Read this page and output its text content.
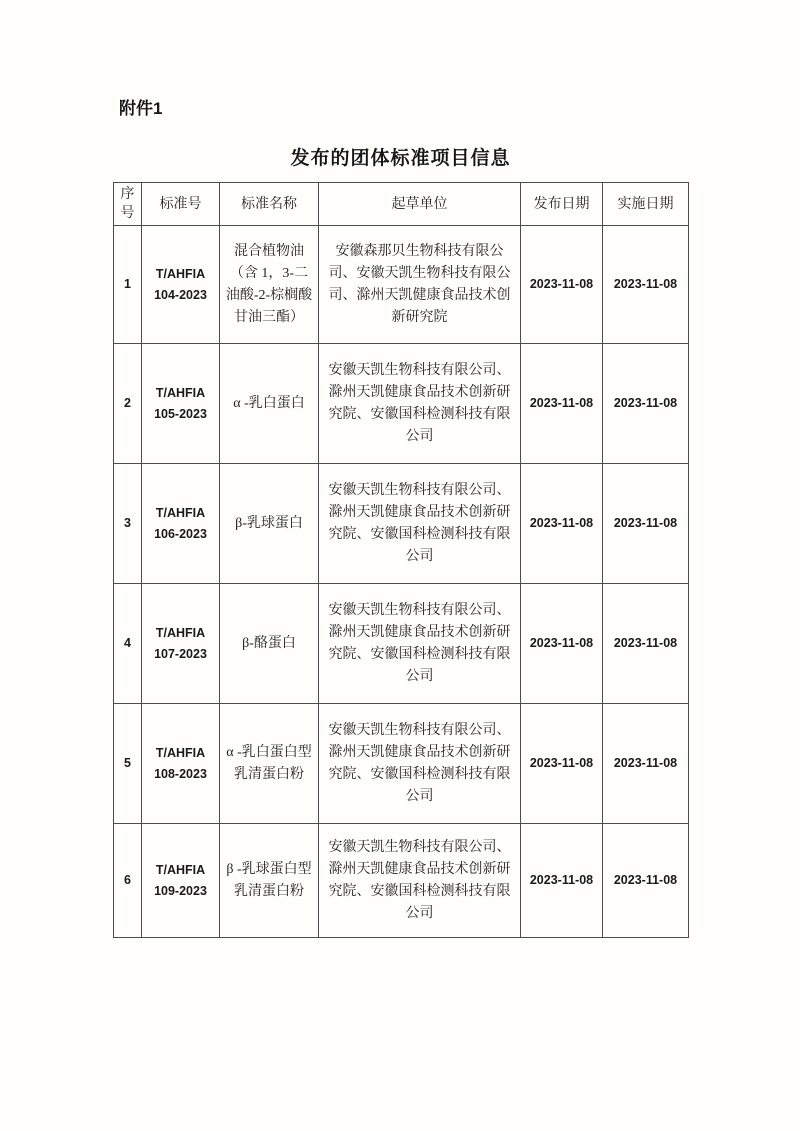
附件1
发布的团体标准项目信息
序号	标准号	标准名称	起草单位	发布日期	实施日期
1	T/AHFIA 104-2023	混合植物油（含 1，3-二油酸-2-棕榈酸甘油三酯）	安徽森那贝生物科技有限公司、安徽天凯生物科技有限公司、滁州天凯健康食品技术创新研究院	2023-11-08	2023-11-08
2	T/AHFIA 105-2023	α -乳白蛋白	安徽天凯生物科技有限公司、滁州天凯健康食品技术创新研究院、安徽国科检测科技有限公司	2023-11-08	2023-11-08
3	T/AHFIA 106-2023	β-乳球蛋白	安徽天凯生物科技有限公司、滁州天凯健康食品技术创新研究院、安徽国科检测科技有限公司	2023-11-08	2023-11-08
4	T/AHFIA 107-2023	β-酪蛋白	安徽天凯生物科技有限公司、滁州天凯健康食品技术创新研究院、安徽国科检测科技有限公司	2023-11-08	2023-11-08
5	T/AHFIA 108-2023	α -乳白蛋白型乳清蛋白粉	安徽天凯生物科技有限公司、滁州天凯健康食品技术创新研究院、安徽国科检测科技有限公司	2023-11-08	2023-11-08
6	T/AHFIA 109-2023	β -乳球蛋白型乳清蛋白粉	安徽天凯生物科技有限公司、滁州天凯健康食品技术创新研究院、安徽国科检测科技有限公司	2023-11-08	2023-11-08
